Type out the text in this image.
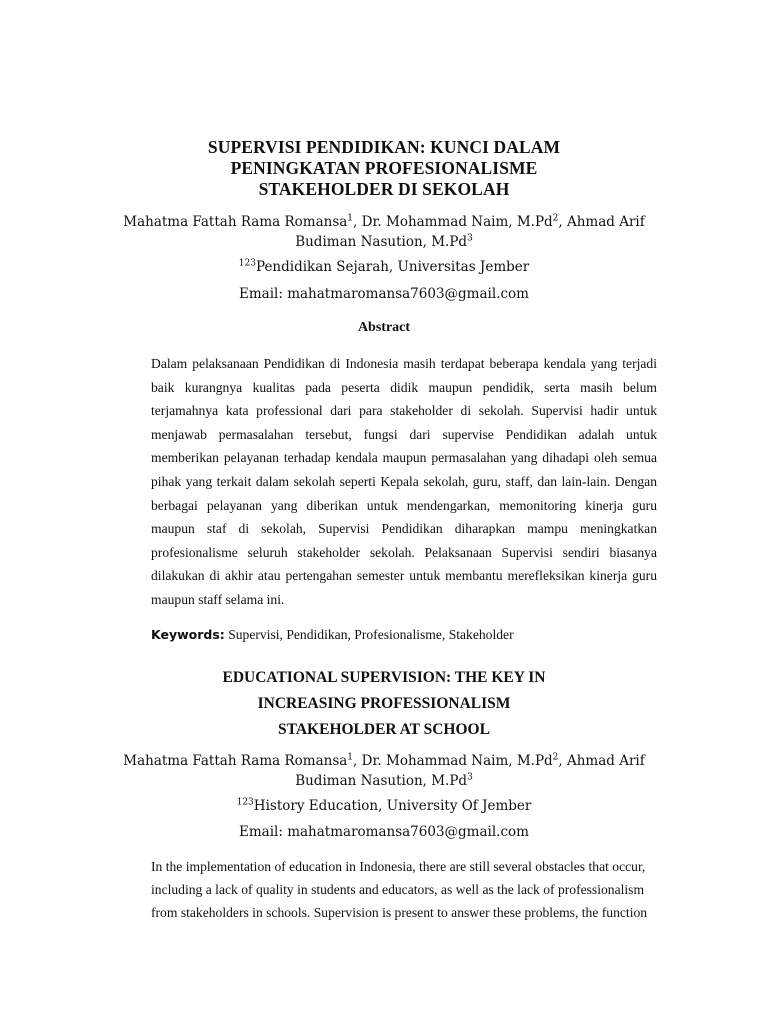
SUPERVISI PENDIDIKAN: KUNCI DALAM
PENINGKATAN PROFESIONALISME
STAKEHOLDER DI SEKOLAH
Mahatma Fattah Rama Romansa$^1$, Dr. Mohammad Naim, M.Pd$^2$, Ahmad Arif
Budiman Nasution, M.Pd$^3$
$^{123}$Pendidikan Sejarah, Universitas Jember
Email: mahatmaromansa7603@gmail.com
Abstract
Dalam pelaksanaan Pendidikan di Indonesia masih terdapat beberapa kendala yang terjadi baik kurangnya kualitas pada peserta didik maupun pendidik, serta masih belum terjamahnya kata professional dari para stakeholder di sekolah. Supervisi hadir untuk menjawab permasalahan tersebut, fungsi dari supervise Pendidikan adalah untuk memberikan pelayanan terhadap kendala maupun permasalahan yang dihadapi oleh semua pihak yang terkait dalam sekolah seperti Kepala sekolah, guru, staff, dan lain-lain. Dengan berbagai pelayanan yang diberikan untuk mendengarkan, memonitoring kinerja guru maupun staf di sekolah, Supervisi Pendidikan diharapkan mampu meningkatkan profesionalisme seluruh stakeholder sekolah. Pelaksanaan Supervisi sendiri biasanya dilakukan di akhir atau pertengahan semester untuk membantu merefleksikan kinerja guru maupun staff selama ini.
Keywords: Supervisi, Pendidikan, Profesionalisme, Stakeholder
EDUCATIONAL SUPERVISION: THE KEY IN
INCREASING PROFESSIONALISM
STAKEHOLDER AT SCHOOL
Mahatma Fattah Rama Romansa$^1$, Dr. Mohammad Naim, M.Pd$^2$, Ahmad Arif
Budiman Nasution, M.Pd$^3$
$^{123}$History Education, University Of Jember
Email: mahatmaromansa7603@gmail.com

In the implementation of education in Indonesia, there are still several obstacles that occur,

including a lack of quality in students and educators, as well as the lack of professionalism

from stakeholders in schools. Supervision is present to answer these problems, the function
